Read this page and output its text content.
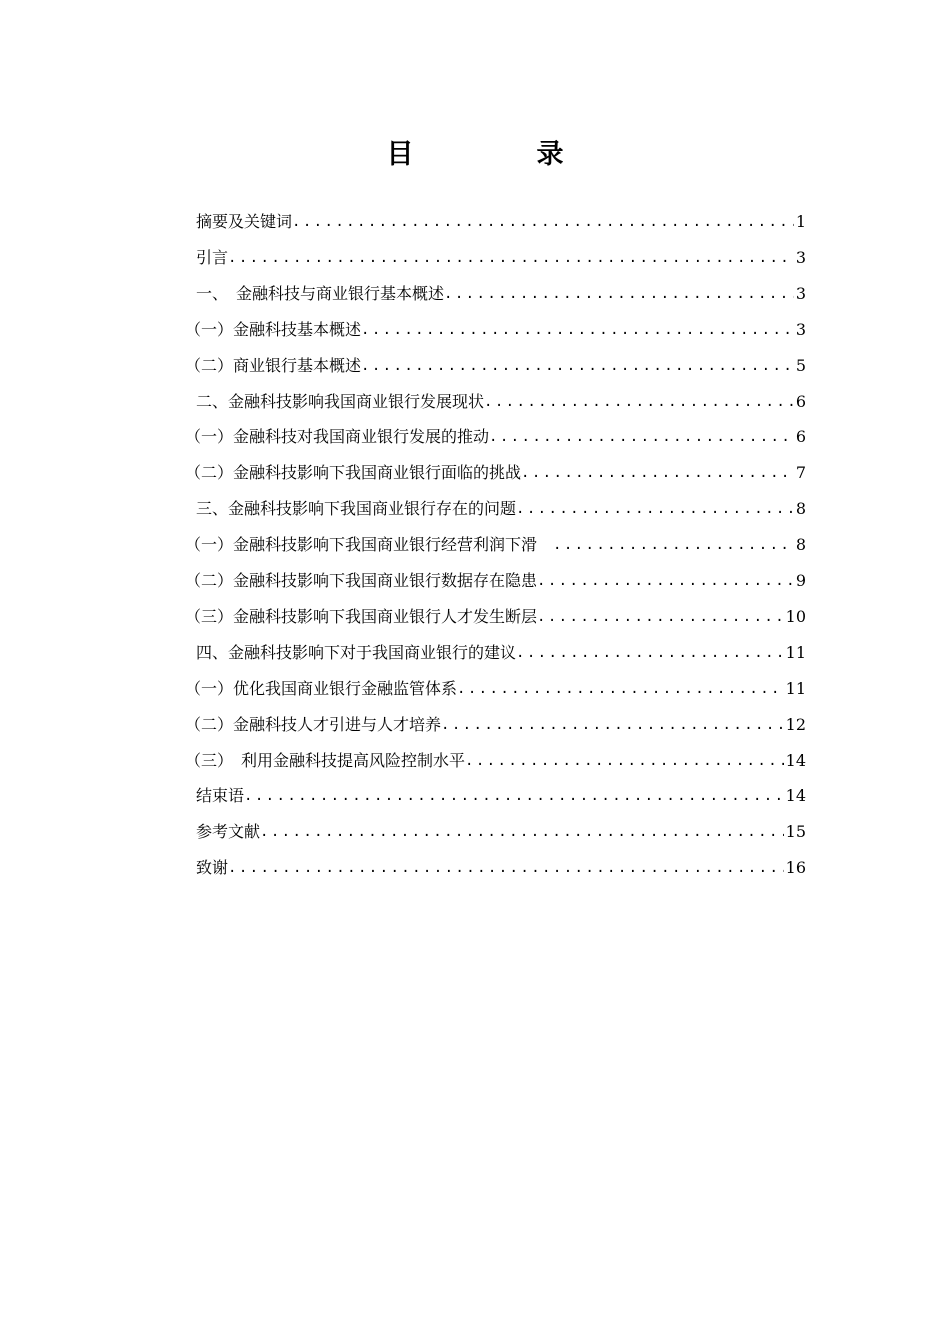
目　录
摘要及关键词 .....	1
引言 .....	3
一、　金融科技与商业银行基本概述 .....	3
（一）金融科技基本概述 .....	3
（二）商业银行基本概述 .....	5
二、金融科技影响我国商业银行发展现状 .....	6
（一）金融科技对我国商业银行发展的推动 .....	6
（二）金融科技影响下我国商业银行面临的挑战 .....	7
三、金融科技影响下我国商业银行存在的问题 .....	8
（一）金融科技影响下我国商业银行经营利润下滑　 .....	8
（二）金融科技影响下我国商业银行数据存在隐患 .....	9
（三）金融科技影响下我国商业银行人才发生断层 .....	10
四、金融科技影响下对于我国商业银行的建议 .....	11
（一）优化我国商业银行金融监管体系 .....	11
（二）金融科技人才引进与人才培养 .....	12
（三）　利用金融科技提高风险控制水平 .....	14
结束语 .....	14
参考文献 .....	15
致谢 .....	16
